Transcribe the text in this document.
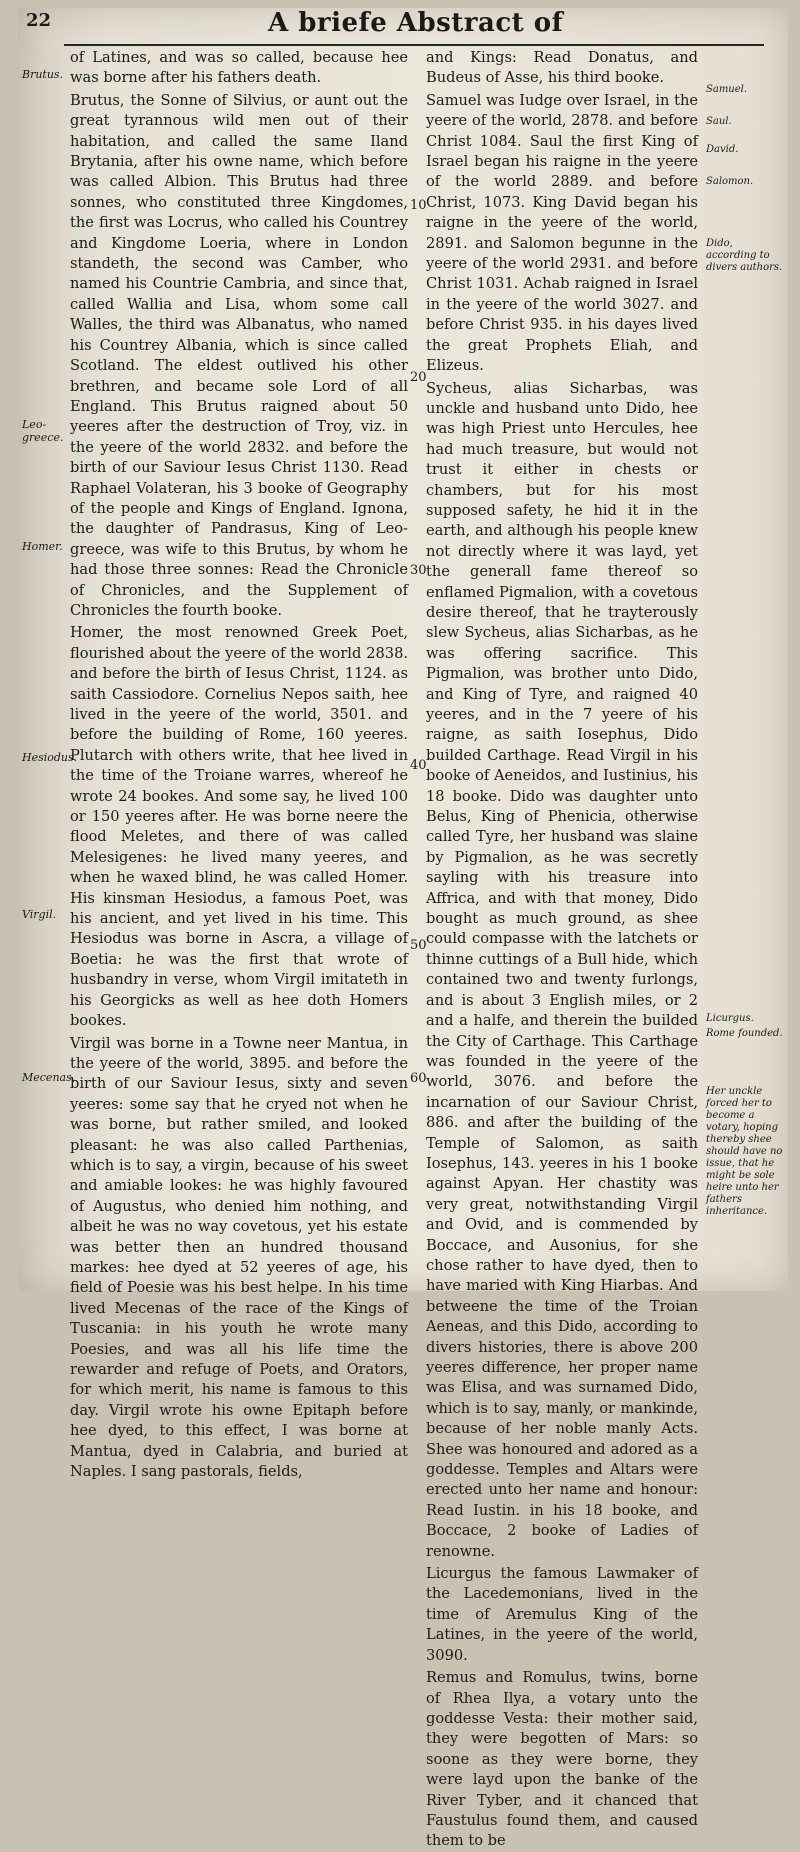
22	A briefe Abstract of

of Latines, and was so called, because hee was borne after his fathers death.

Brutus, the Sonne of Silvius, or aunt out the great tyrannous wild men out of their habitation, and called the same Iland Brytania, after his owne name, which before was called Albion. This Brutus had three sonnes, who constituted three Kingdomes, the first was Locrus, who called his Countrey and Kingdome Loeria, where in London standeth, the second was Camber, who named his Countrie Cambria, and since that, called Wallia and Lisa, whom some call Walles, the third was Albanatus, who named his Countrey Albania, which is since called Scotland. The eldest outlived his other brethren, and became sole Lord of all England. This Brutus raigned about 50 yeeres after the destruction of Troy, viz. in the yeere of the world 2832. and before the birth of our Saviour Iesus Christ 1130. Read Raphael Volateran, his 3 booke of Geography of the people and Kings of England. Ignona, the daughter of Pandrasus, King of Leo-greece, was wife to this Brutus, by whom he had those three sonnes: Read the Chronicle of Chronicles, and the Supplement of Chronicles the fourth booke.

Homer, the most renowned Greek Poet, flourished about the yeere of the world 2838. and before the birth of Iesus Christ, 1124. as saith Cassiodore. Cornelius Nepos saith, hee lived in the yeere of the world, 3501. and before the building of Rome, 160 yeeres. Plutarch with others write, that hee lived in the time of the Troiane warres, whereof he wrote 24 bookes. And some say, he lived 100 or 150 yeeres after. He was borne neere the flood Meletes, and there of was called Melesigenes: he lived many yeeres, and when he waxed blind, he was called Homer. His kinsman Hesiodus, a famous Poet, was his ancient, and yet lived in his time. This Hesiodus was borne in Ascra, a village of Boetia: he was the first that wrote of husbandry in verse, whom Virgil imitateth in his Georgicks as well as hee doth Homers bookes.

Virgil was borne in a Towne neer Mantua, in the yeere of the world, 3895. and before the birth of our Saviour Iesus, sixty and seven yeeres: some say that he cryed not when he was borne, but rather smiled, and looked pleasant: he was also called Parthenias, which is to say, a virgin, because of his sweet and amiable lookes: he was highly favoured of Augustus, who denied him nothing, and albeit he was no way covetous, yet his estate was better then an hundred thousand markes: hee dyed at 52 yeeres of age, his field of Poesie was his best helpe. In his time lived Mecenas of the race of the Kings of Tuscania: in his youth he wrote many Poesies, and was all his life time the rewarder and refuge of Poets, and Orators, for which merit, his name is famous to this day. Virgil wrote his owne Epitaph before hee dyed, to this effect, I was borne at Mantua, dyed in Calabria, and buried at Naples. I sang pastorals, fields,

and Kings: Read Donatus, and Budeus of Asse, his third booke.

Samuel was Iudge over Israel, in the yeere of the world, 2878. and before Christ 1084. Saul the first King of Israel began his raigne in the yeere of the world 2889. and before Christ, 1073. King David began his raigne in the yeere of the world, 2891. and Salomon begunne in the yeere of the world 2931. and before Christ 1031. Achab raigned in Israel in the yeere of the world 3027. and before Christ 935. in his dayes lived the great Prophets Eliah, and Elizeus.

Sycheus, alias Sicharbas, was unckle and husband unto Dido, hee was high Priest unto Hercules, hee had much treasure, but would not trust it either in chests or chambers, but for his most supposed safety, he hid it in the earth, and although his people knew not directly where it was layd, yet the generall fame thereof so enflamed Pigmalion, with a covetous desire thereof, that he trayterously slew Sycheus, alias Sicharbas, as he was offering sacrifice. This Pigmalion, was brother unto Dido, and King of Tyre, and raigned 40 yeeres, and in the 7 yeere of his raigne, as saith Iosephus, Dido builded Carthage. Read Virgil in his booke of Aeneidos, and Iustinius, his 18 booke. Dido was daughter unto Belus, King of Phenicia, otherwise called Tyre, her husband was slaine by Pigmalion, as he was secretly sayling with his treasure into Affrica, and with that money, Dido bought as much ground, as shee could compasse with the latchets or thinne cuttings of a Bull hide, which contained two and twenty furlongs, and is about 3 English miles, or 2 and a halfe, and therein the builded the City of Carthage. This Carthage was founded in the yeere of the world, 3076. and before the incarnation of our Saviour Christ, 886. and after the building of the Temple of Salomon, as saith Iosephus, 143. yeeres in his 1 booke against Apyan. Her chastity was very great, notwithstanding Virgil and Ovid, and is commended by Boccace, and Ausonius, for she chose rather to have dyed, then to have maried with King Hiarbas. And betweene the time of the Troian Aeneas, and this Dido, according to divers histories, there is above 200 yeeres difference, her proper name was Elisa, and was surnamed Dido, which is to say, manly, or mankinde, because of her noble manly Acts. Shee was honoured and adored as a goddesse. Temples and Altars were erected unto her name and honour: Read Iustin. in his 18 booke, and Boccace, 2 booke of Ladies of renowne.

Licurgus the famous Lawmaker of the Lacedemonians, lived in the time of Aremulus King of the Latines, in the yeere of the world, 3090.

Remus and Romulus, twins, borne of Rhea Ilya, a votary unto the goddesse Vesta: their mother said, they were begotten of Mars: so soone as they were borne, they were layd upon the banke of the River Tyber, and it chanced that Faustulus found them, and caused them to be

Brutus.
Leo-greece.
Homer.
Hesiodus.
Virgil.
Mecenas.
Samuel.
Saul.
David.
Salomon.
Dido, according to divers authors.
Licurgus.
Rome founded.
Her unckle forced her to become a votary, hoping thereby shee should have no issue, that he might be sole heire unto her fathers inheritance.
10
20
30
40
50
60
